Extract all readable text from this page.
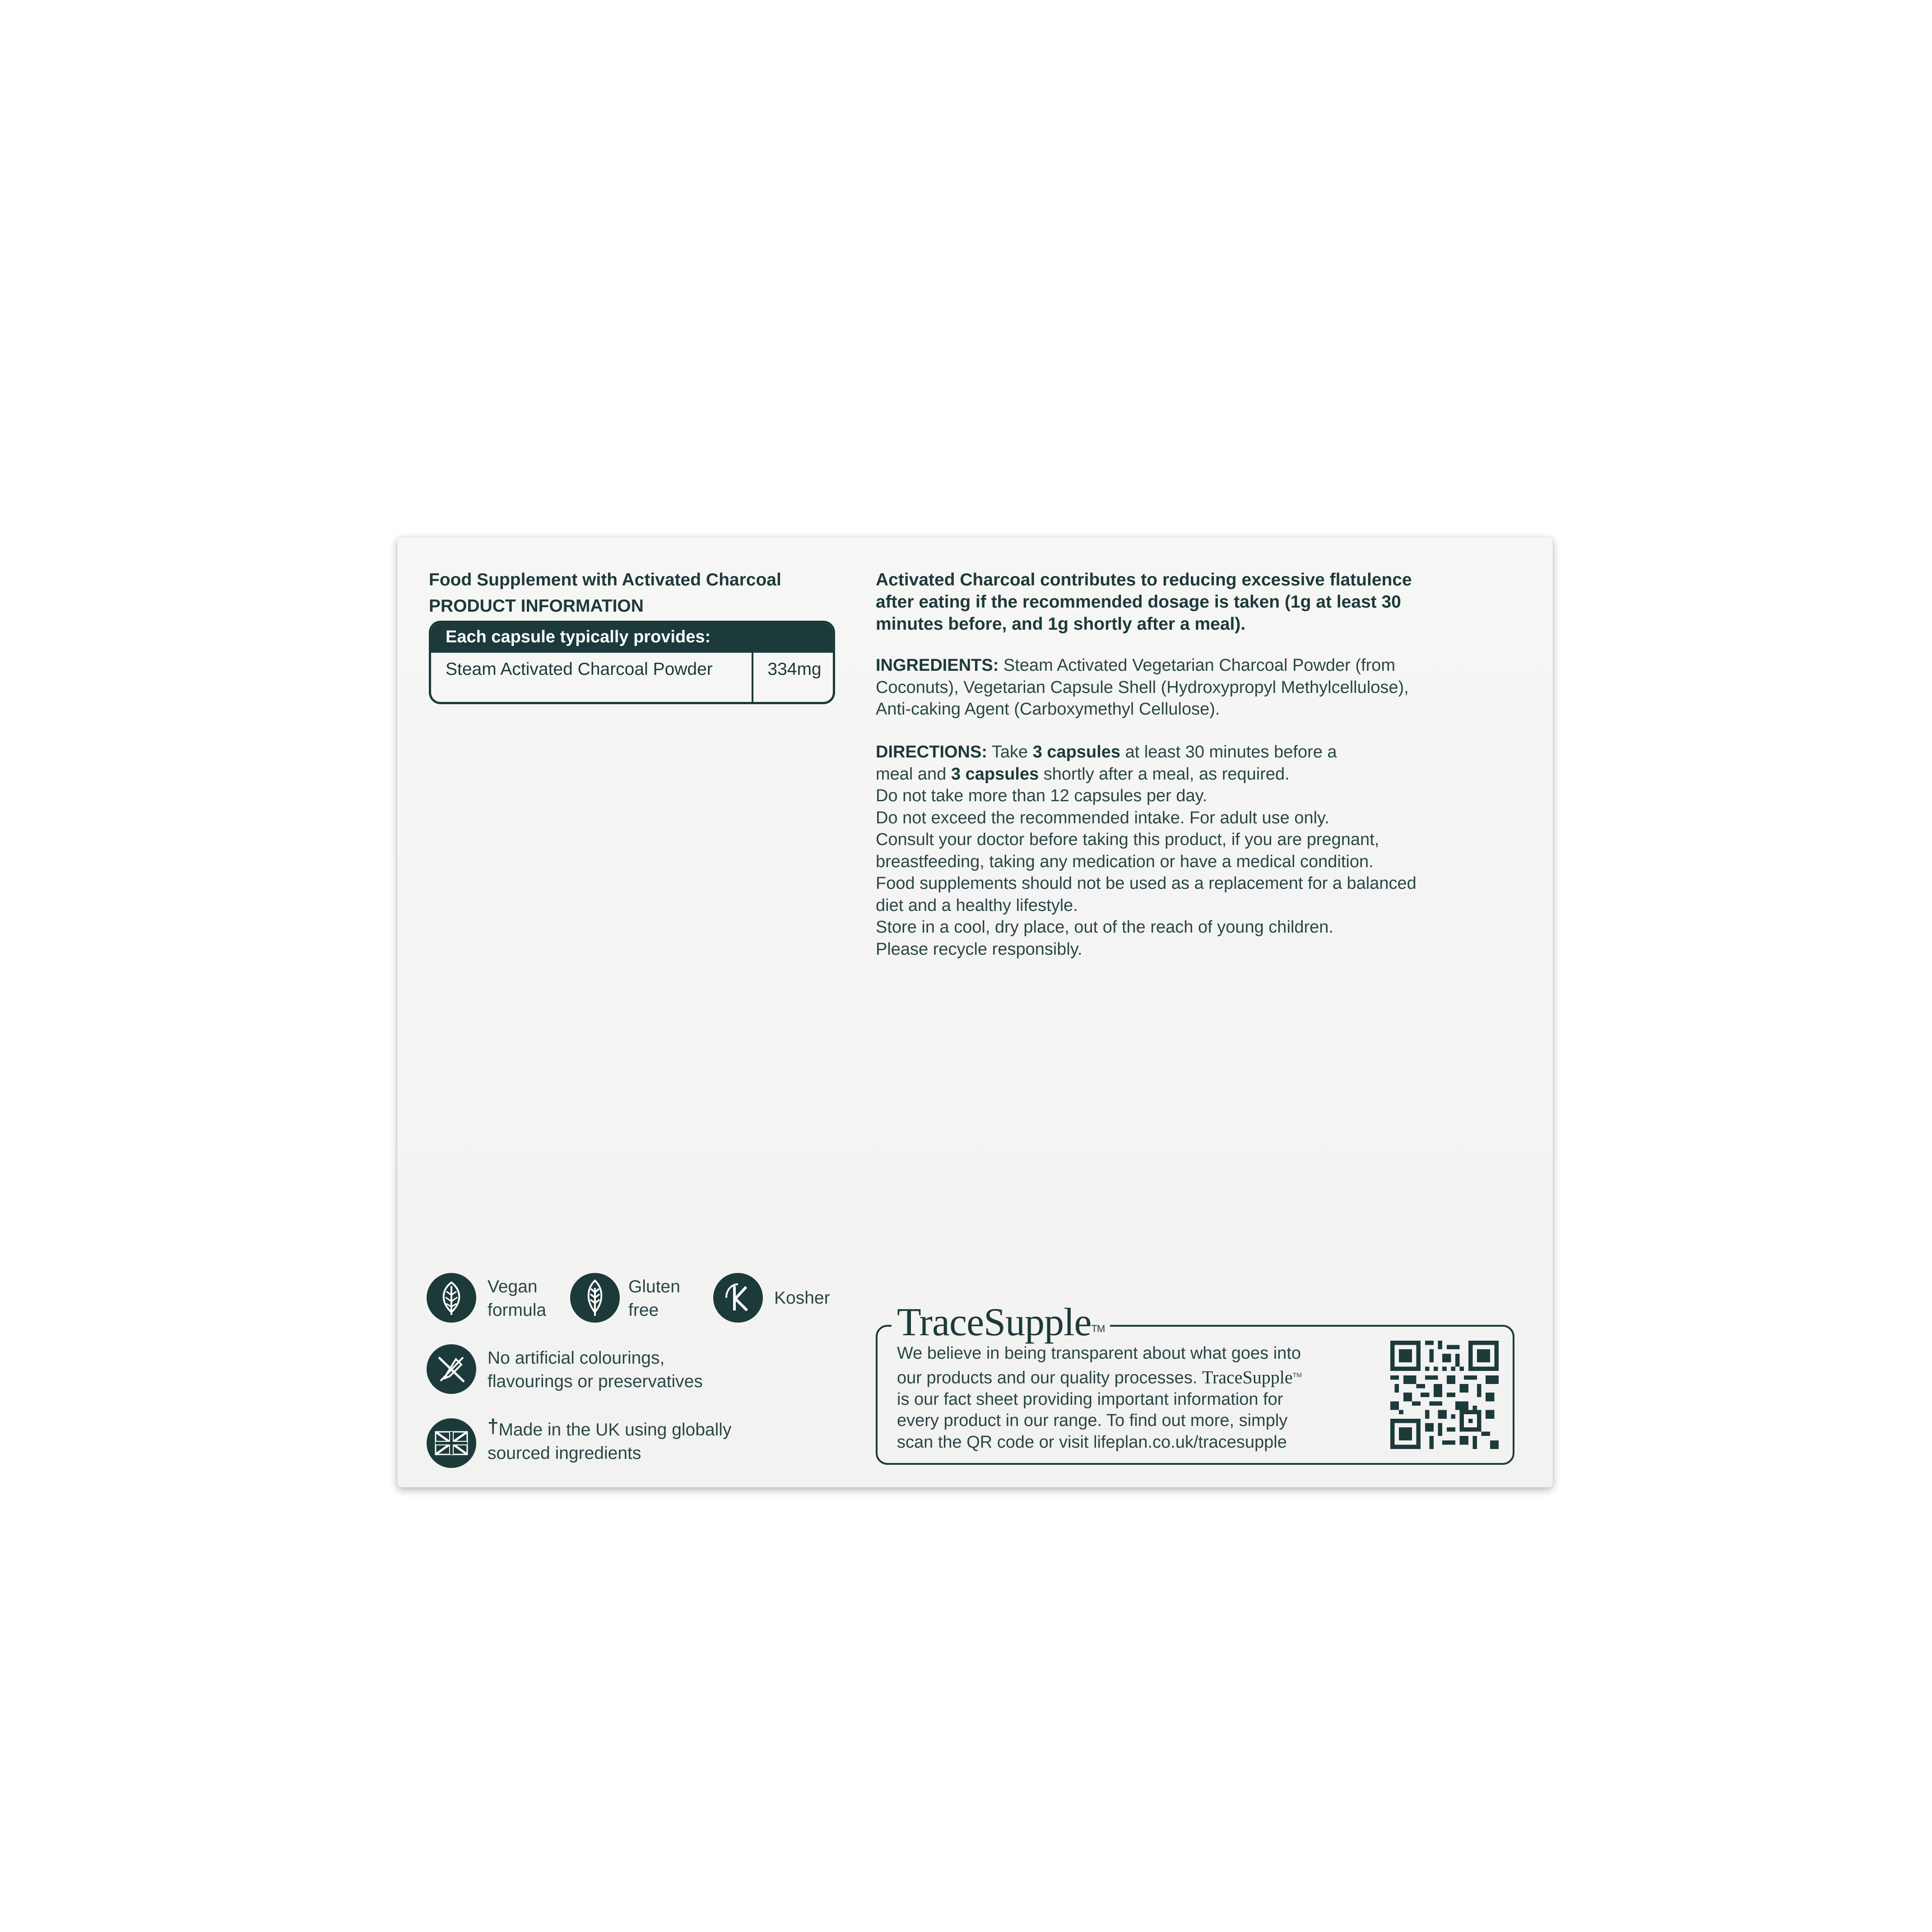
Food Supplement with Activated Charcoal
PRODUCT INFORMATION
Each capsule typically provides:
Steam Activated Charcoal Powder	334mg
Vegan
formula
Gluten
free
Kosher
No artificial colourings,
flavourings or preservatives
†Made in the UK using globally
sourced ingredients

Activated Charcoal contributes to reducing excessive flatulence

after eating if the recommended dosage is taken (1g at least 30

minutes before, and 1g shortly after a meal).

INGREDIENTS: Steam Activated Vegetarian Charcoal Powder (from

Coconuts), Vegetarian Capsule Shell (Hydroxypropyl Methylcellulose),

Anti-caking Agent (Carboxymethyl Cellulose).

DIRECTIONS: Take 3 capsules at least 30 minutes before a

meal and 3 capsules shortly after a meal, as required.

Do not take more than 12 capsules per day.

Do not exceed the recommended intake. For adult use only.

Consult your doctor before taking this product, if you are pregnant,

breastfeeding, taking any medication or have a medical condition.

Food supplements should not be used as a replacement for a balanced

diet and a healthy lifestyle.

Store in a cool, dry place, out of the reach of young children.

Please recycle responsibly.

TraceSupple™
We believe in being transparent about what goes into
our products and our quality processes. TraceSupple™
is our fact sheet providing important information for
every product in our range. To find out more, simply
scan the QR code or visit lifeplan.co.uk/tracesupple
